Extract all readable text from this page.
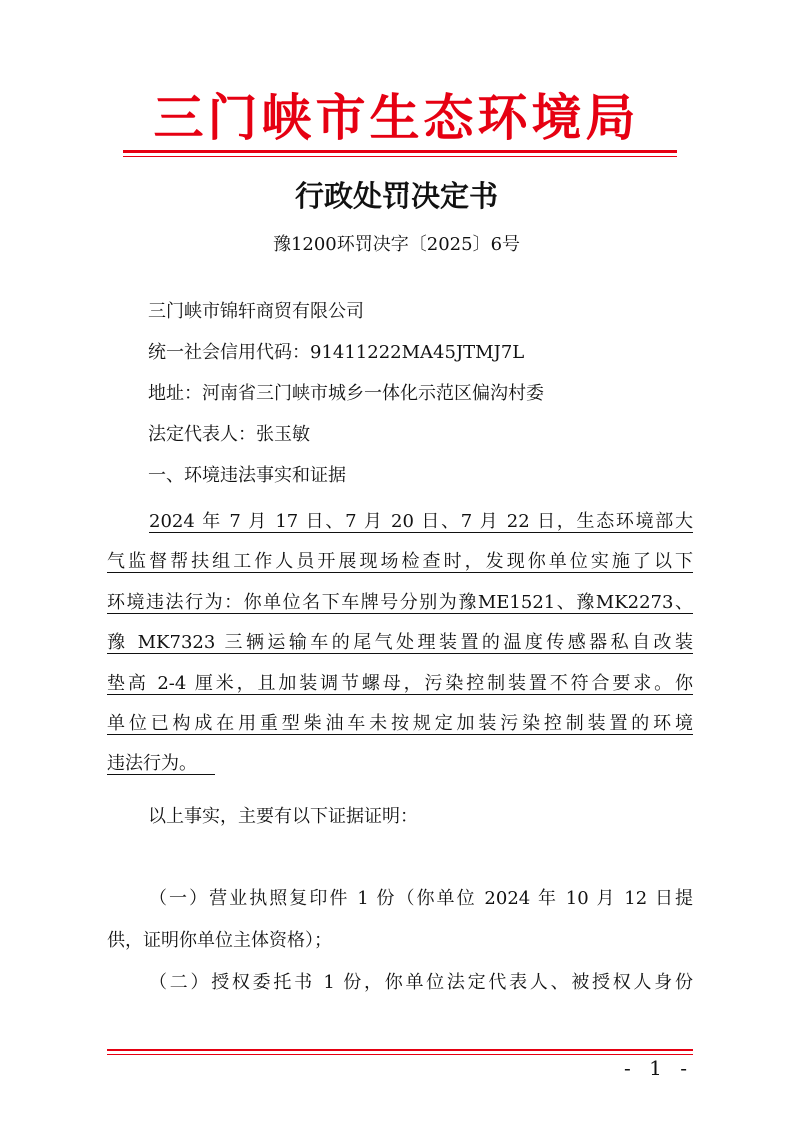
三门峡市生态环境局
行政处罚决定书
豫1200环罚决字〔2025〕6号
三门峡市锦轩商贸有限公司
统一社会信用代码：91411222MA45JTMJ7L
地址：河南省三门峡市城乡一体化示范区偏沟村委
法定代表人：张玉敏
一、环境违法事实和证据
2024 年 7 月 17 日、7 月 20 日、7 月 22 日，生态环境部大
气监督帮扶组工作人员开展现场检查时，发现你单位实施了以下
环境违法行为：你单位名下车牌号分别为豫ME1521、豫MK2273、
豫 MK7323 三辆运输车的尾气处理装置的温度传感器私自改装
垫高 2-4 厘米，且加装调节螺母，污染控制装置不符合要求。你
单位已构成在用重型柴油车未按规定加装污染控制装置的环境
违法行为。 
以上事实，主要有以下证据证明：
（一）营业执照复印件 1 份（你单位 2024 年 10 月 12 日提
供，证明你单位主体资格）；
（二）授权委托书 1 份，你单位法定代表人、被授权人身份
- 1 -
